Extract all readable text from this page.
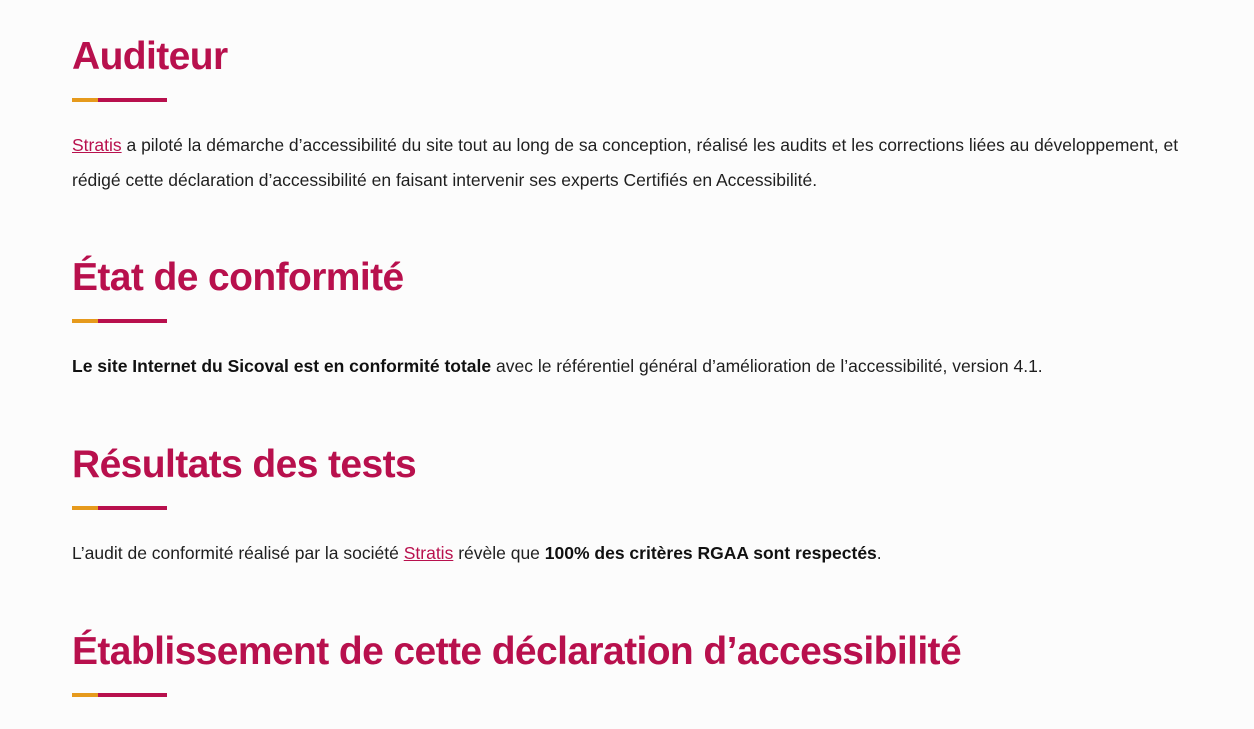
Auditeur

Stratis a piloté la démarche d’accessibilité du site tout au long de sa conception, réalisé les audits et les corrections liées au développement, et rédigé cette déclaration d’accessibilité en faisant intervenir ses experts Certifiés en Accessibilité.

État de conformité

Le site Internet du Sicoval est en conformité totale avec le référentiel général d’amélioration de l’accessibilité, version 4.1.

Résultats des tests

L’audit de conformité réalisé par la société Stratis révèle que 100% des critères RGAA sont respectés.

Établissement de cette déclaration d’accessibilité
